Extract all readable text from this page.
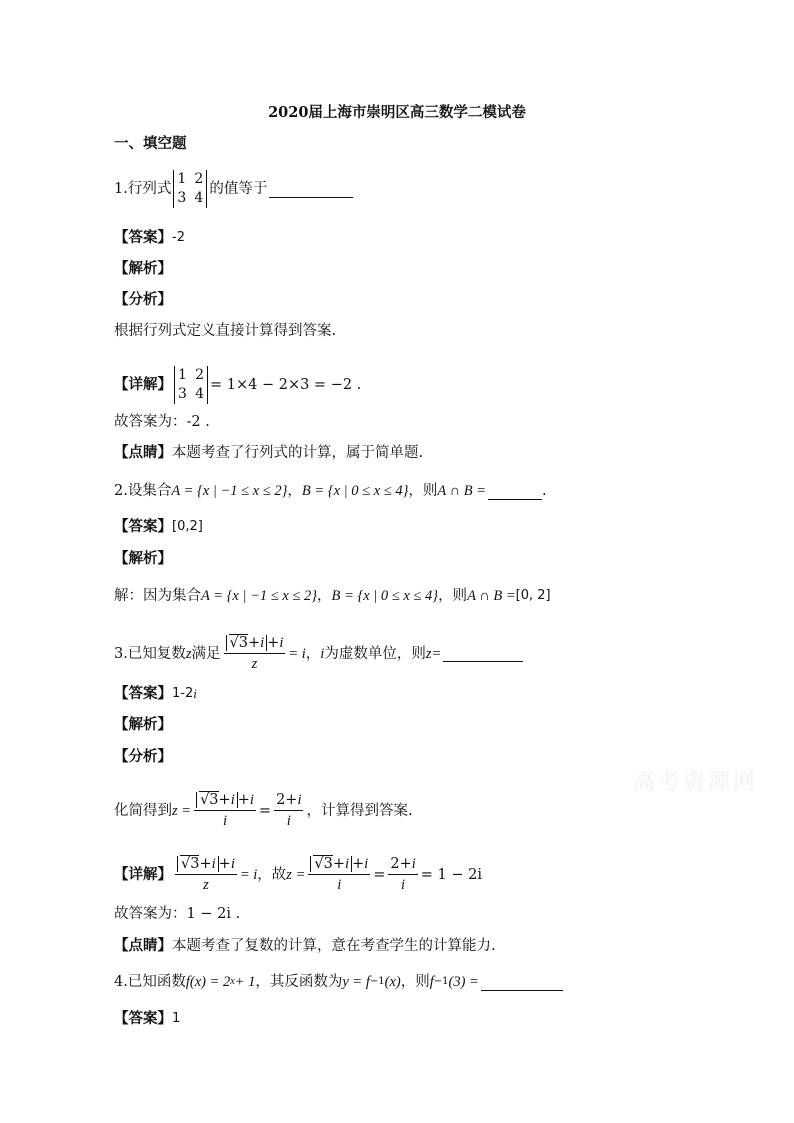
2020届上海市崇明区高三数学二模试卷
一、填空题
1. 行列式
1 2
3 4
的值等于
【答案】 -2
【解析】
【分析】
根据行列式定义直接计算得到答案.
【详解】
1 2
3 4
= 1×4 − 2×3 = −2 .
故答案为：-2 .
【点睛】 本题考查了行列式的计算，属于简单题.
2. 设集合 A = {x | −1 ≤ x ≤ 2} ， B = {x | 0 ≤ x ≤ 4} ，则 A ∩ B =	.
【答案】 [0,2]
【解析】
解：因为集合 A = {x | −1 ≤ x ≤ 2} ， B = {x | 0 ≤ x ≤ 4} ，则 A ∩ B = [0, 2]
3. 已知复数 z 满足 $\frac{√3+i +i}{z} = i$ ， i 为虚数单位，则 z=
【答案】 1-2 i
【解析】
【分析】
化简得到 $z = \frac{√3+i +i}{i} = \frac{2+i}{i}$ ，计算得到答案.
【详解】 $\frac{√3+i +i}{z} = i$ ，故 $z = \frac{√3+i +i}{i} = \frac{2+i}{i} = 1 - 2i$
故答案为：1 − 2i .
【点睛】 本题考查了复数的计算，意在考查学生的计算能力.
4. 已知函数 f(x) = 2 x + 1 ，其反函数为 y = f −1 (x) ，则 f −1 (3) =
【答案】 1
高考资源网
